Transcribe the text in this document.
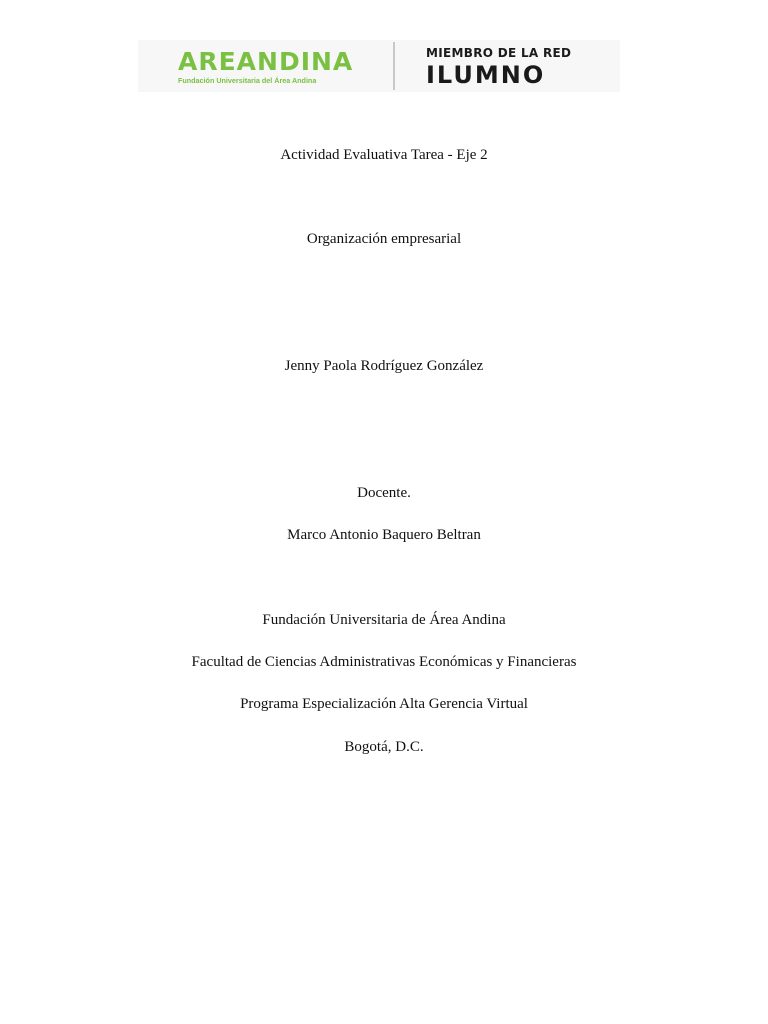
AREANDINA
Fundación Universitaria del Área Andina
MIEMBRO DE LA RED
ILUMNO
Actividad Evaluativa Tarea - Eje 2
Organización empresarial
Jenny Paola Rodríguez González
Docente.
Marco Antonio Baquero Beltran
Fundación Universitaria de Área Andina
Facultad de Ciencias Administrativas Económicas y Financieras
Programa Especialización Alta Gerencia Virtual
Bogotá, D.C.
